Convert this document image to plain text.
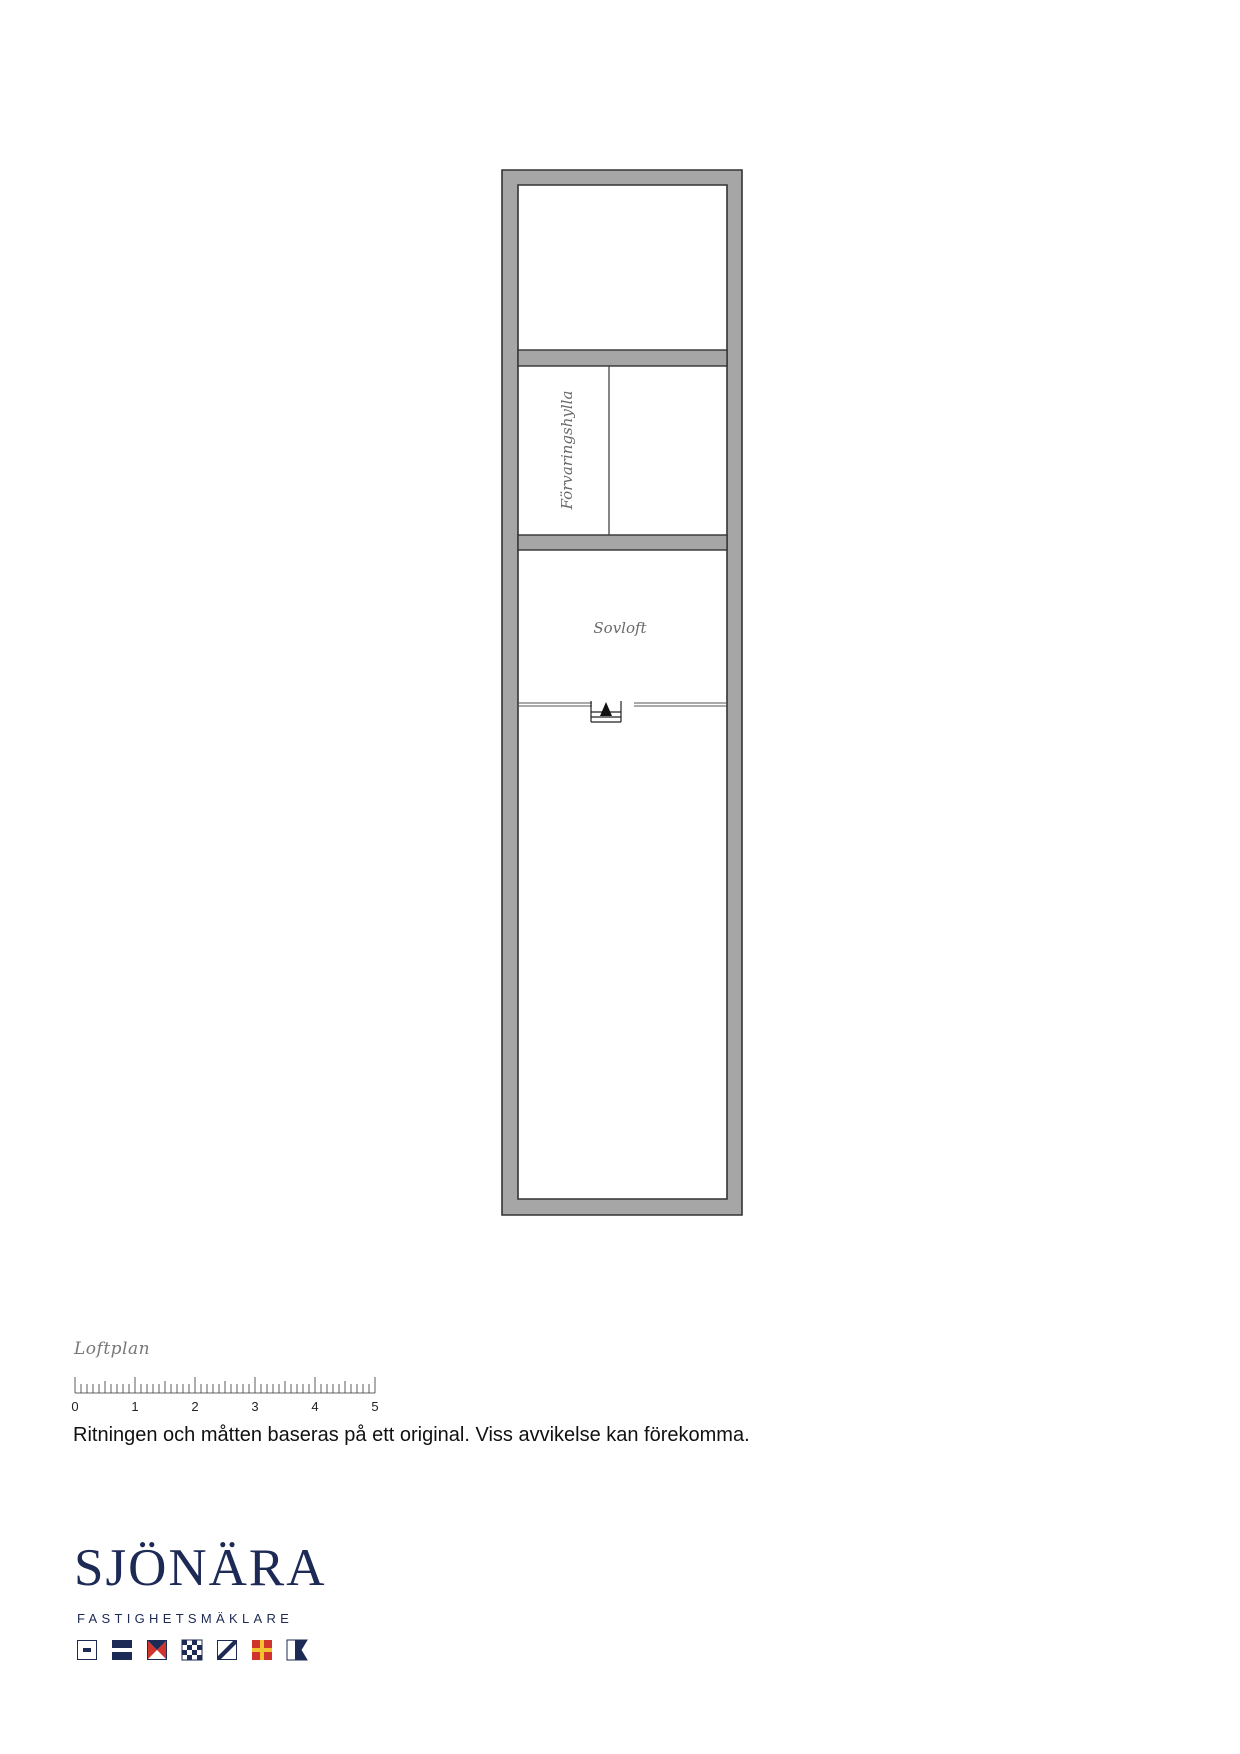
Förvaringshylla
Sovloft
Loftplan
0	1	2	3	4	5
Ritningen och måtten baseras på ett original. Viss avvikelse kan förekomma.
SJÖNÄRA
FASTIGHETSMÄKLARE
